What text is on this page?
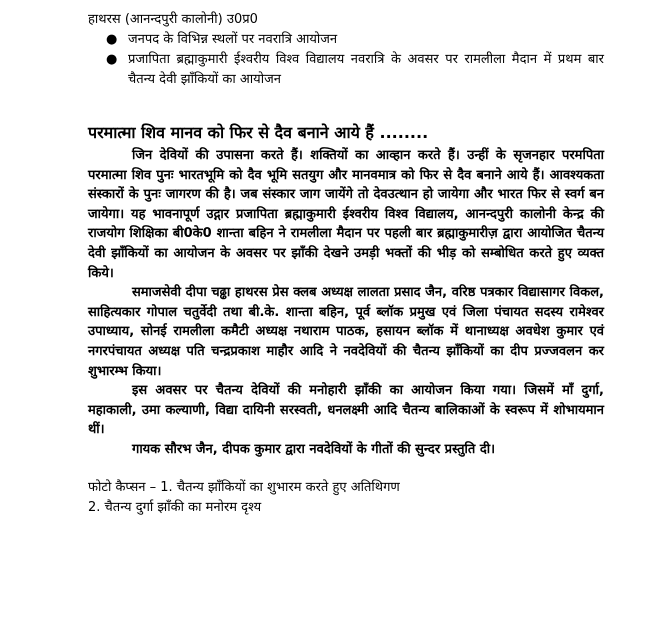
हाथरस (आनन्दपुरी कालोनी) उ0प्र0
● जनपद के विभिन्न स्थलों पर नवरात्रि आयोजन
● प्रजापिता ब्रह्माकुमारी ईश्वरीय विश्व विद्यालय नवरात्रि के अवसर पर रामलीला मैदान में प्रथम बार चैतन्य देवी झाँकियों का आयोजन
परमात्मा शिव मानव को फिर से दैव बनाने आये हैं ........

जिन देवियों की उपासना करते हैं। शक्तियों का आव्हान करते हैं। उन्हीं के सृजनहार परमपिता परमात्मा शिव पुनः भारतभूमि को दैव भूमि सतयुग और मानवमात्र को फिर से दैव बनाने आये हैं। आवश्यकता संस्कारों के पुनः जागरण की है। जब संस्कार जाग जायेंगे तो देवउत्थान हो जायेगा और भारत फिर से स्वर्ग बन जायेगा। यह भावनापूर्ण उद्गार प्रजापिता ब्रह्माकुमारी ईश्वरीय विश्व विद्यालय, आनन्दपुरी कालोनी केन्द्र की राजयोग शिक्षिका बी0के0 शान्ता बहिन ने रामलीला मैदान पर पहली बार ब्रह्माकुमारीज़ द्वारा आयोजित चैतन्य देवी झाँकियों का आयोजन के अवसर पर झाँकी देखने उमड़ी भक्तों की भीड़ को सम्बोधित करते हुए व्यक्त किये।

समाजसेवी दीपा चढ्ढा हाथरस प्रेस क्लब अध्यक्ष लालता प्रसाद जैन, वरिष्ठ पत्रकार विद्यासागर विकल, साहित्यकार गोपाल चतुर्वेदी तथा बी.के. शान्ता बहिन, पूर्व ब्लॉक प्रमुख एवं जिला पंचायत सदस्य रामेश्वर उपाध्याय, सोनई रामलीला कमैटी अध्यक्ष नथाराम पाठक, हसायन ब्लॉक में थानाध्यक्ष अवधेश कुमार एवं नगरपंचायत अध्यक्ष पति चन्द्रप्रकाश माहौर आदि ने नवदेवियों की चैतन्य झाँकियों का दीप प्रज्जवलन कर शुभारम्भ किया।

इस अवसर पर चैतन्य देवियों की मनोहारी झाँकी का आयोजन किया गया। जिसमें माँ दुर्गा, महाकाली, उमा कल्याणी, विद्या दायिनी सरस्वती, धनलक्ष्मी आदि चैतन्य बालिकाओं के स्वरूप में शोभायमान थीं।

गायक सौरभ जैन, दीपक कुमार द्वारा नवदेवियों के गीतों की सुन्दर प्रस्तुति दी।

फोटो कैप्सन – 1. चैतन्य झाँकियों का शुभारम करते हुए अतिथिगण
2. चैतन्य दुर्गा झाँकी का मनोरम दृश्य
